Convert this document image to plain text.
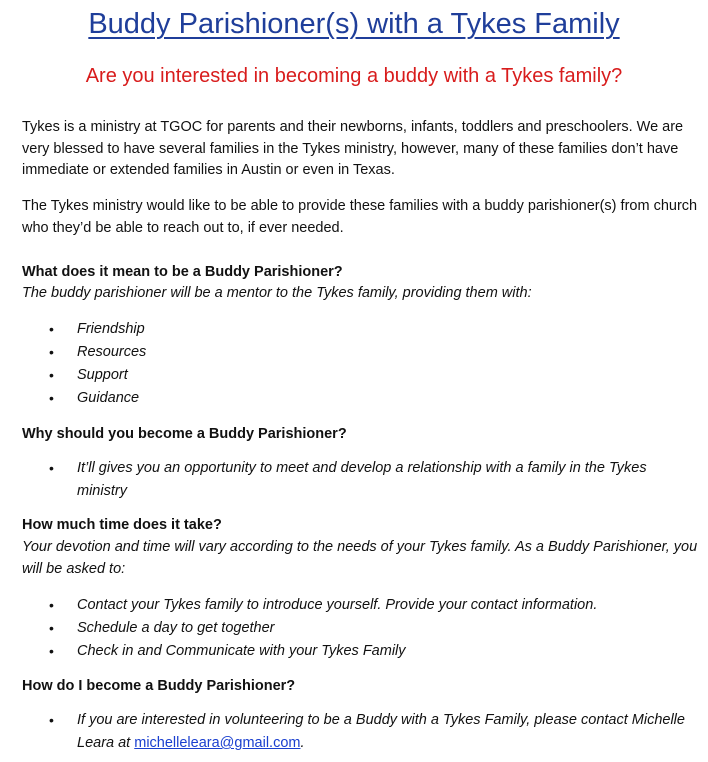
Buddy Parishioner(s) with a Tykes Family
Are you interested in becoming a buddy with a Tykes family?

Tykes is a ministry at TGOC for parents and their newborns, infants, toddlers and preschoolers. We are very blessed to have several families in the Tykes ministry, however, many of these families don’t have immediate or extended families in Austin or even in Texas.

The Tykes ministry would like to be able to provide these families with a buddy parishioner(s) from church who they’d be able to reach out to, if ever needed.

What does it mean to be a Buddy Parishioner?

The buddy parishioner will be a mentor to the Tykes family, providing them with:

• Friendship
• Resources
• Support
• Guidance

Why should you become a Buddy Parishioner?

• It’ll gives you an opportunity to meet and develop a relationship with a family in the Tykes ministry

How much time does it take?

Your devotion and time will vary according to the needs of your Tykes family. As a Buddy Parishioner, you will be asked to:

• Contact your Tykes family to introduce yourself. Provide your contact information.
• Schedule a day to get together
• Check in and Communicate with your Tykes Family

How do I become a Buddy Parishioner?

• If you are interested in volunteering to be a Buddy with a Tykes Family, please contact Michelle Leara at michelleleara@gmail.com.
